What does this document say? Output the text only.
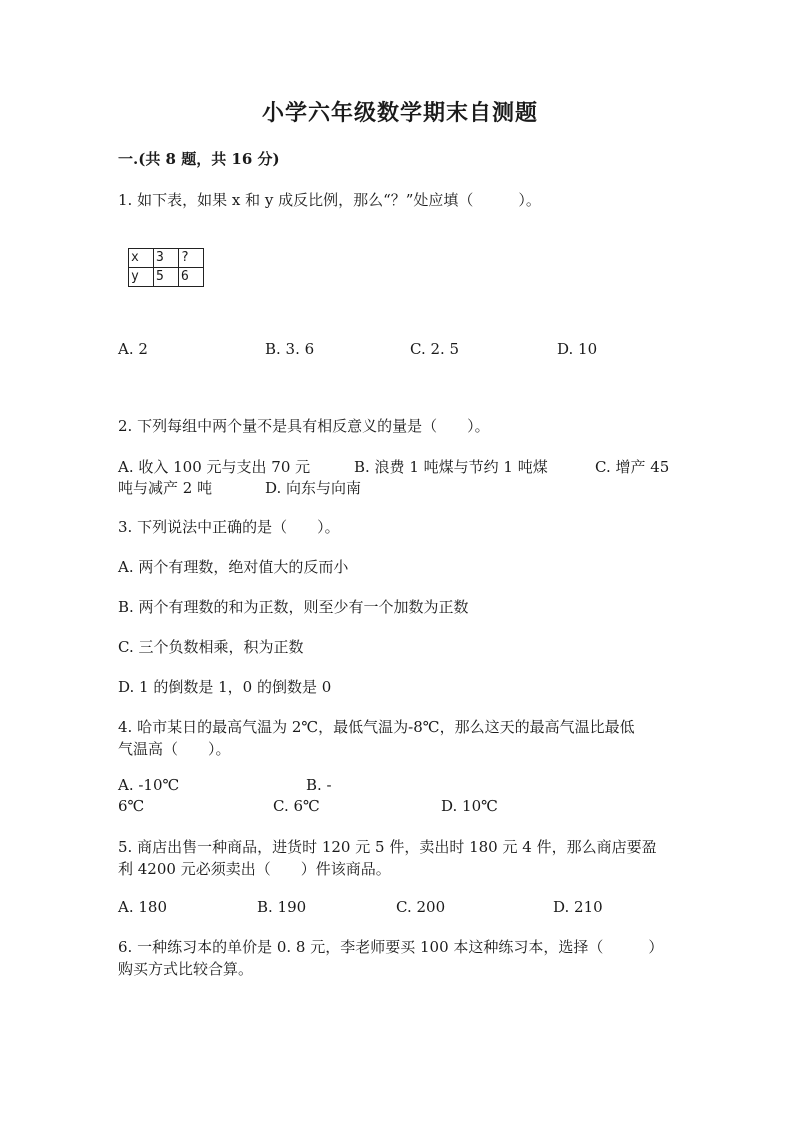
小学六年级数学期末自测题
一.(共 8 题，共 16 分)
1. 如下表，如果 x 和 y 成反比例，那么“？”处应填（　　　）。
x	3	?
y	5	6
A. 2	B. 3. 6	C. 2. 5	D. 10
2. 下列每组中两个量不是具有相反意义的量是（　　）。
A. 收入 100 元与支出 70 元	B. 浪费 1 吨煤与节约 1 吨煤	C. 增产 45
吨与减产 2 吨	D. 向东与向南
3. 下列说法中正确的是（　　）。
A. 两个有理数，绝对值大的反而小
B. 两个有理数的和为正数，则至少有一个加数为正数
C. 三个负数相乘，积为正数
D. 1 的倒数是 1，0 的倒数是 0
4. 哈市某日的最高气温为 2℃，最低气温为-8℃，那么这天的最高气温比最低
气温高（　　）。
A. -10℃	B. -
6℃	C. 6℃	D. 10℃
5. 商店出售一种商品，进货时 120 元 5 件，卖出时 180 元 4 件，那么商店要盈
利 4200 元必须卖出（　　）件该商品。
A. 180	B. 190	C. 200	D. 210
6. 一种练习本的单价是 0. 8 元，李老师要买 100 本这种练习本，选择（　　　）
购买方式比较合算。
